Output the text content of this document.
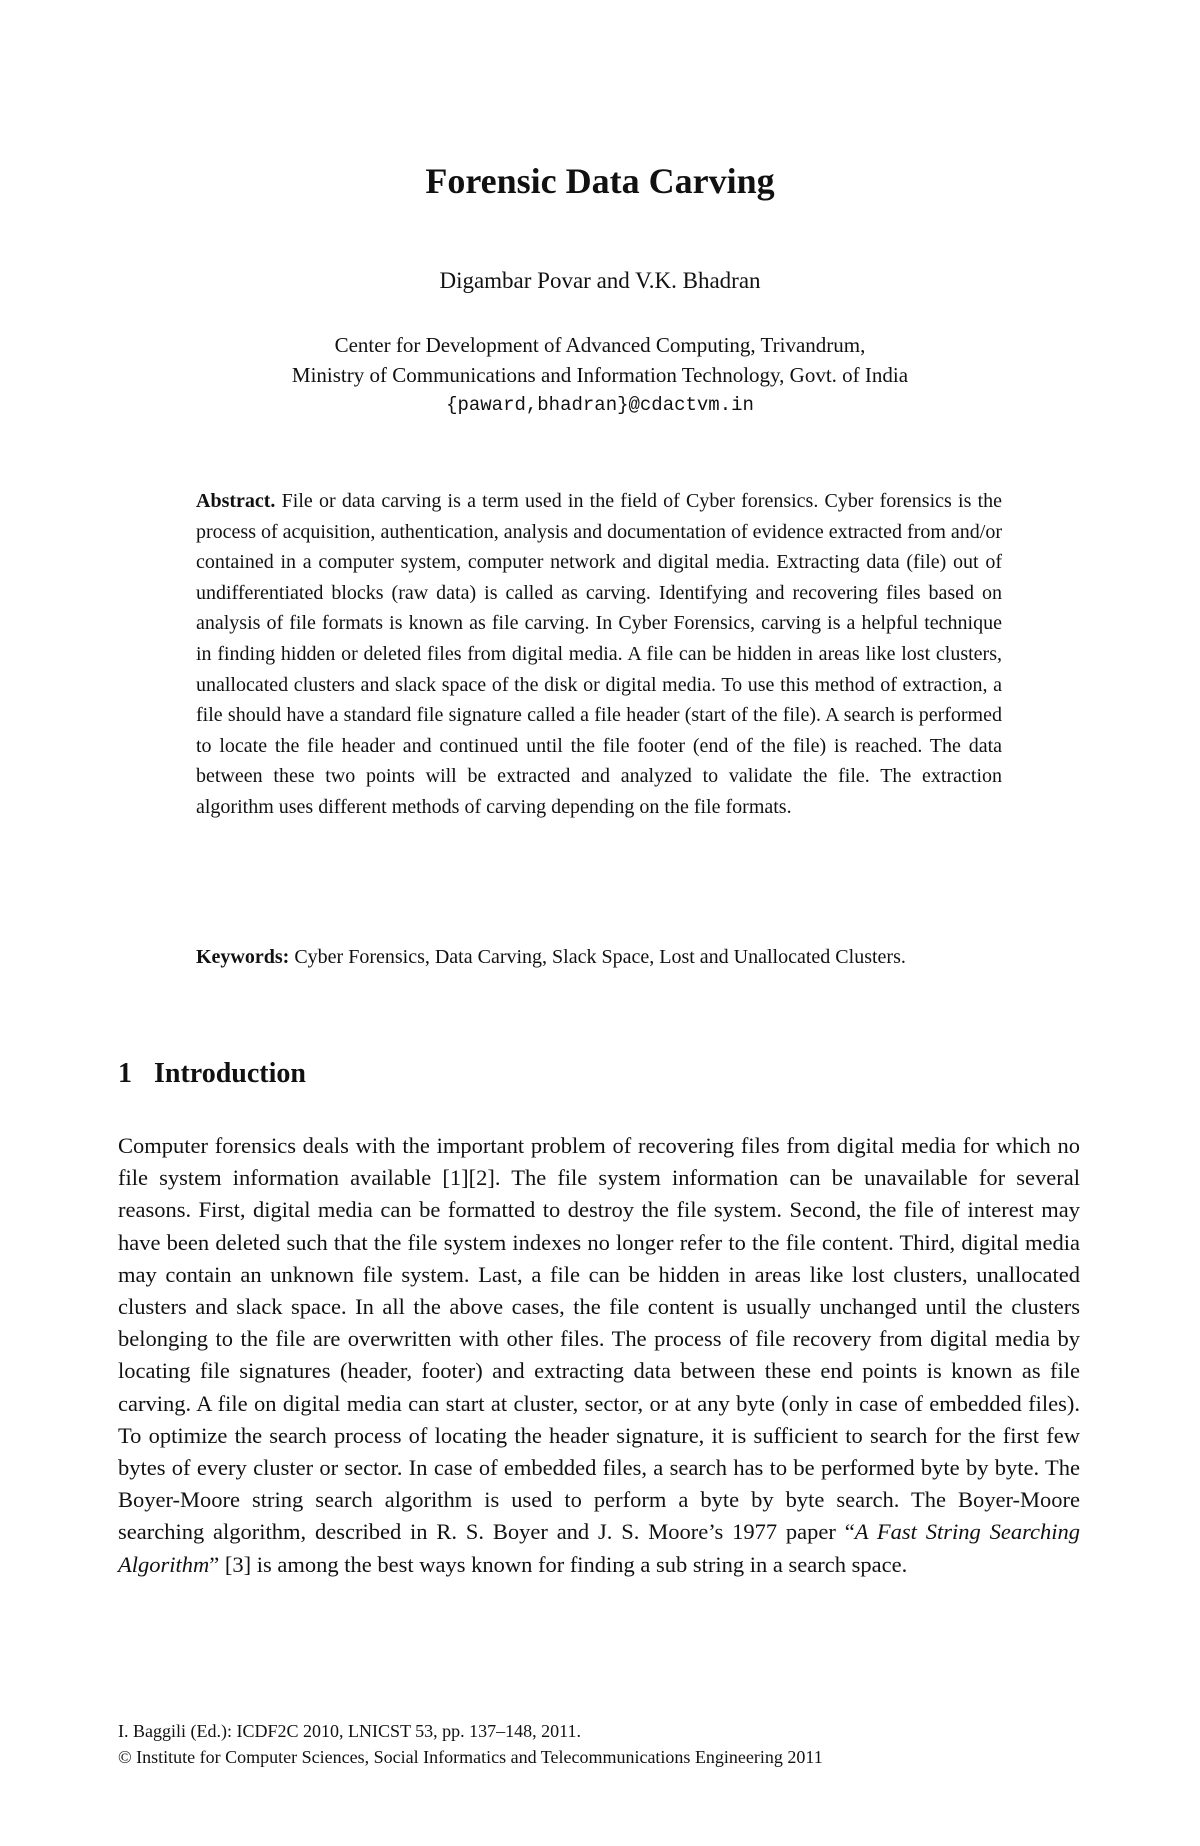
Forensic Data Carving

Digambar Povar and V.K. Bhadran

Center for Development of Advanced Computing, Trivandrum,
Ministry of Communications and Information Technology, Govt. of India
{paward,bhadran}@cdactvm.in

Abstract. File or data carving is a term used in the field of Cyber forensics. Cyber forensics is the process of acquisition, authentication, analysis and documentation of evidence extracted from and/or contained in a computer system, computer network and digital media. Extracting data (file) out of undifferentiated blocks (raw data) is called as carving. Identifying and recovering files based on analysis of file formats is known as file carving. In Cyber Forensics, carving is a helpful technique in finding hidden or deleted files from digital media. A file can be hidden in areas like lost clusters, unallocated clusters and slack space of the disk or digital media. To use this method of extraction, a file should have a standard file signature called a file header (start of the file). A search is performed to locate the file header and continued until the file footer (end of the file) is reached. The data between these two points will be extracted and analyzed to validate the file. The extraction algorithm uses different methods of carving depending on the file formats.

Keywords: Cyber Forensics, Data Carving, Slack Space, Lost and Unallocated Clusters.

1 Introduction

Computer forensics deals with the important problem of recovering files from digital media for which no file system information available [1][2]. The file system information can be unavailable for several reasons. First, digital media can be formatted to destroy the file system. Second, the file of interest may have been deleted such that the file system indexes no longer refer to the file content. Third, digital media may contain an unknown file system. Last, a file can be hidden in areas like lost clusters, unallocated clusters and slack space. In all the above cases, the file content is usually unchanged until the clusters belonging to the file are overwritten with other files. The process of file recovery from digital media by locating file signatures (header, footer) and extracting data between these end points is known as file carving. A file on digital media can start at cluster, sector, or at any byte (only in case of embedded files). To optimize the search process of locating the header signature, it is sufficient to search for the first few bytes of every cluster or sector. In case of embedded files, a search has to be performed byte by byte. The Boyer-Moore string search algorithm is used to perform a byte by byte search. The Boyer-Moore searching algorithm, described in R. S. Boyer and J. S. Moore’s 1977 paper “A Fast String Searching Algorithm” [3] is among the best ways known for finding a sub string in a search space.

I. Baggili (Ed.): ICDF2C 2010, LNICST 53, pp. 137–148, 2011.
© Institute for Computer Sciences, Social Informatics and Telecommunications Engineering 2011
